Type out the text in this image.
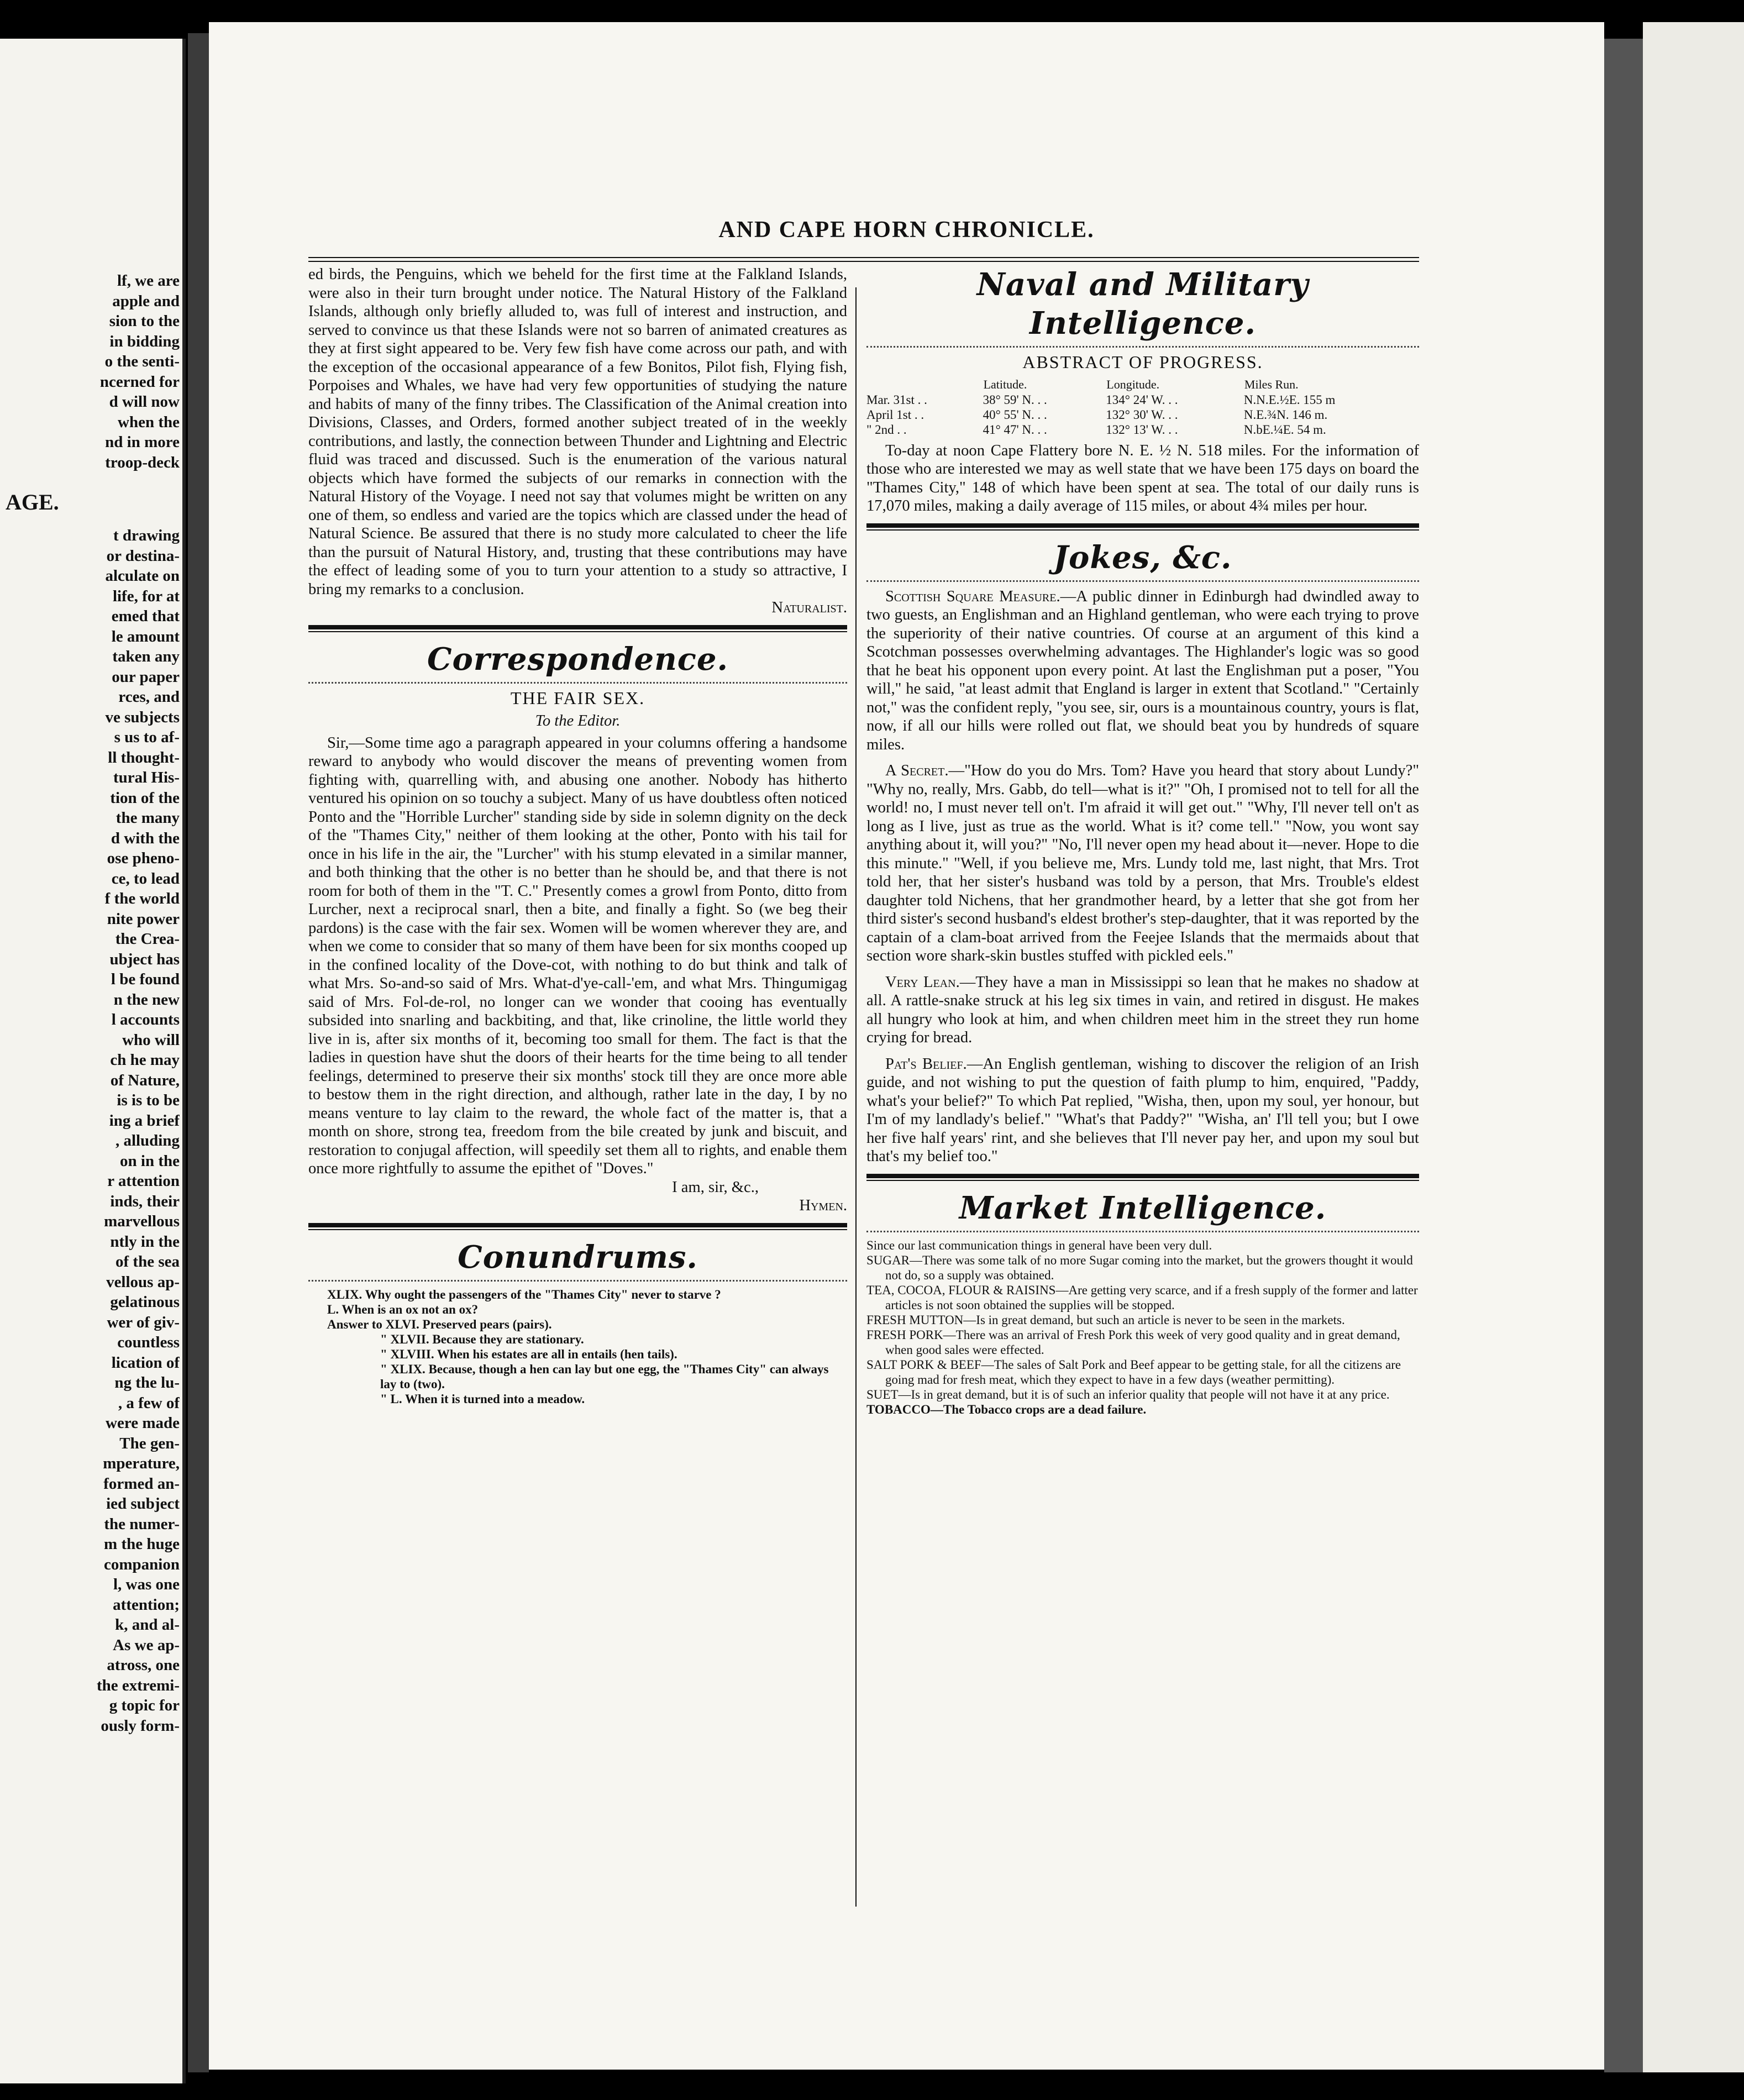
lf, we are
apple and
sion to the
in bidding
o the senti-
ncerned for
d will now
when the
nd in more
troop-deck
AGE.
t drawing
or destina-
alculate on
life, for at
emed that
le amount
taken any
our paper
rces, and
ve subjects
s us to af-
ll thought-
tural His-
tion of the
the many
d with the
ose pheno-
ce, to lead
f the world
nite power
the Crea-
ubject has
l be found
n the new
l accounts
who will
ch he may
of Nature,
is is to be
ing a brief
, alluding
on in the
r attention
inds, their
marvellous
ntly in the
of the sea
vellous ap-
gelatinous
wer of giv-
countless
lication of
ng the lu-
, a few of
were made
The gen-
mperature,
formed an-
ied subject
the numer-
m the huge
companion
l, was one
attention;
k, and al-
As we ap-
atross, one
the extremi-
g topic for
ously form-
AND CAPE HORN CHRONICLE.

ed birds, the Penguins, which we beheld for the first time at the Falkland Islands, were also in their turn brought under notice. The Natural History of the Falkland Islands, although only briefly alluded to, was full of interest and instruction, and served to convince us that these Islands were not so barren of animated creatures as they at first sight appeared to be. Very few fish have come across our path, and with the exception of the occasional appearance of a few Bonitos, Pilot fish, Flying fish, Porpoises and Whales, we have had very few opportunities of studying the nature and habits of many of the finny tribes. The Classification of the Animal creation into Divisions, Classes, and Orders, formed another subject treated of in the weekly contributions, and lastly, the connection between Thunder and Lightning and Electric fluid was traced and discussed. Such is the enumeration of the various natural objects which have formed the subjects of our remarks in connection with the Natural History of the Voyage. I need not say that volumes might be written on any one of them, so endless and varied are the topics which are classed under the head of Natural Science. Be assured that there is no study more calculated to cheer the life than the pursuit of Natural History, and, trusting that these contributions may have the effect of leading some of you to turn your attention to a study so attractive, I bring my remarks to a conclusion.

Naturalist.
Correspondence.
THE FAIR SEX.
To the Editor.

Sir,—Some time ago a paragraph appeared in your columns offering a handsome reward to anybody who would discover the means of preventing women from fighting with, quarrelling with, and abusing one another. Nobody has hitherto ventured his opinion on so touchy a subject. Many of us have doubtless often noticed Ponto and the "Horrible Lurcher" standing side by side in solemn dignity on the deck of the "Thames City," neither of them looking at the other, Ponto with his tail for once in his life in the air, the "Lurcher" with his stump elevated in a similar manner, and both thinking that the other is no better than he should be, and that there is not room for both of them in the "T. C." Presently comes a growl from Ponto, ditto from Lurcher, next a reciprocal snarl, then a bite, and finally a fight. So (we beg their pardons) is the case with the fair sex. Women will be women wherever they are, and when we come to consider that so many of them have been for six months cooped up in the confined locality of the Dove-cot, with nothing to do but think and talk of what Mrs. So-and-so said of Mrs. What-d'ye-call-'em, and what Mrs. Thingumigag said of Mrs. Fol-de-rol, no longer can we wonder that cooing has eventually subsided into snarling and backbiting, and that, like crinoline, the little world they live in is, after six months of it, becoming too small for them. The fact is that the ladies in question have shut the doors of their hearts for the time being to all tender feelings, determined to preserve their six months' stock till they are once more able to bestow them in the right direction, and although, rather late in the day, I by no means venture to lay claim to the reward, the whole fact of the matter is, that a month on shore, strong tea, freedom from the bile created by junk and biscuit, and restoration to conjugal affection, will speedily set them all to rights, and enable them once more rightfully to assume the epithet of "Doves."

I am, sir, &c.,
Hymen.
Conundrums.

XLIX. Why ought the passengers of the "Thames City" never to starve ?

L. When is an ox not an ox?

Answer to XLVI. Preserved pears (pairs).

" XLVII. Because they are stationary.

" XLVIII. When his estates are all in entails (hen tails).

" XLIX. Because, though a hen can lay but one egg, the "Thames City" can always lay to (two).

" L. When it is turned into a meadow.

Naval and Military Intelligence.
ABSTRACT OF PROGRESS.
	Latitude.	Longitude.	Miles Run.
Mar. 31st . .	38° 59' N. . .	134° 24' W. . .	N.N.E.½E. 155 m
April 1st . .	40° 55' N. . .	132° 30' W. . .	N.E.¾N. 146 m.
" 2nd . .	41° 47' N. . .	132° 13' W. . .	N.bE.¼E. 54 m.

To-day at noon Cape Flattery bore N. E. ½ N. 518 miles. For the information of those who are interested we may as well state that we have been 175 days on board the "Thames City," 148 of which have been spent at sea. The total of our daily runs is 17,070 miles, making a daily average of 115 miles, or about 4¾ miles per hour.

Jokes, &c.

Scottish Square Measure.—A public dinner in Edinburgh had dwindled away to two guests, an Englishman and an Highland gentleman, who were each trying to prove the superiority of their native countries. Of course at an argument of this kind a Scotchman possesses overwhelming advantages. The Highlander's logic was so good that he beat his opponent upon every point. At last the Englishman put a poser, "You will," he said, "at least admit that England is larger in extent that Scotland." "Certainly not," was the confident reply, "you see, sir, ours is a mountainous country, yours is flat, now, if all our hills were rolled out flat, we should beat you by hundreds of square miles.

A Secret.—"How do you do Mrs. Tom? Have you heard that story about Lundy?" "Why no, really, Mrs. Gabb, do tell—what is it?" "Oh, I promised not to tell for all the world! no, I must never tell on't. I'm afraid it will get out." "Why, I'll never tell on't as long as I live, just as true as the world. What is it? come tell." "Now, you wont say anything about it, will you?" "No, I'll never open my head about it—never. Hope to die this minute." "Well, if you believe me, Mrs. Lundy told me, last night, that Mrs. Trot told her, that her sister's husband was told by a person, that Mrs. Trouble's eldest daughter told Nichens, that her grandmother heard, by a letter that she got from her third sister's second husband's eldest brother's step-daughter, that it was reported by the captain of a clam-boat arrived from the Feejee Islands that the mermaids about that section wore shark-skin bustles stuffed with pickled eels."

Very Lean.—They have a man in Mississippi so lean that he makes no shadow at all. A rattle-snake struck at his leg six times in vain, and retired in disgust. He makes all hungry who look at him, and when children meet him in the street they run home crying for bread.

Pat's Belief.—An English gentleman, wishing to discover the religion of an Irish guide, and not wishing to put the question of faith plump to him, enquired, "Paddy, what's your belief?" To which Pat replied, "Wisha, then, upon my soul, yer honour, but I'm of my landlady's belief." "What's that Paddy?" "Wisha, an' I'll tell you; but I owe her five half years' rint, and she believes that I'll never pay her, and upon my soul but that's my belief too."

Market Intelligence.

Since our last communication things in general have been very dull.

SUGAR—There was some talk of no more Sugar coming into the market, but the growers thought it would not do, so a supply was obtained.

TEA, COCOA, FLOUR & RAISINS—Are getting very scarce, and if a fresh supply of the former and latter articles is not soon obtained the supplies will be stopped.

FRESH MUTTON—Is in great demand, but such an article is never to be seen in the markets.

FRESH PORK—There was an arrival of Fresh Pork this week of very good quality and in great demand, when good sales were effected.

SALT PORK & BEEF—The sales of Salt Pork and Beef appear to be getting stale, for all the citizens are going mad for fresh meat, which they expect to have in a few days (weather permitting).

SUET—Is in great demand, but it is of such an inferior quality that people will not have it at any price.

TOBACCO—The Tobacco crops are a dead failure.
